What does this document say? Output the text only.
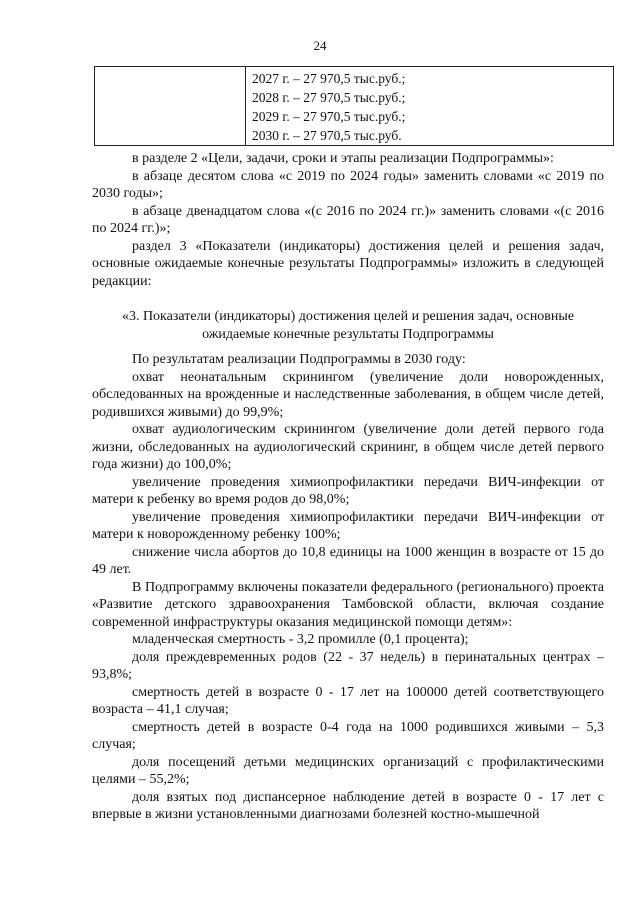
24

2027 г. – 27 970,5 тыс.руб.;
2028 г. – 27 970,5 тыс.руб.;
2029 г. – 27 970,5 тыс.руб.;
2030 г. – 27 970,5 тыс.руб.

в разделе 2 «Цели, задачи, сроки и этапы реализации Подпрограммы»:

в абзаце десятом слова «с 2019 по 2024 годы» заменить словами «с 2019 по 2030 годы»;

в абзаце двенадцатом слова «(с 2016 по 2024 гг.)» заменить словами «(с 2016 по 2024 гг.)»;

раздел 3 «Показатели (индикаторы) достижения целей и решения задач, основные ожидаемые конечные результаты Подпрограммы» изложить в следующей редакции:

«3. Показатели (индикаторы) достижения целей и решения задач, основные ожидаемые конечные результаты Подпрограммы

По результатам реализации Подпрограммы в 2030 году:

охват неонатальным скринингом (увеличение доли новорожденных, обследованных на врожденные и наследственные заболевания, в общем числе детей, родившихся живыми) до 99,9%;

охват аудиологическим скринингом (увеличение доли детей первого года жизни, обследованных на аудиологический скрининг, в общем числе детей первого года жизни) до 100,0%;

увеличение проведения химиопрофилактики передачи ВИЧ-инфекции от матери к ребенку во время родов до 98,0%;

увеличение проведения химиопрофилактики передачи ВИЧ-инфекции от матери к новорожденному ребенку 100%;

снижение числа абортов до 10,8 единицы на 1000 женщин в возрасте от 15 до 49 лет.

В Подпрограмму включены показатели федерального (регионального) проекта «Развитие детского здравоохранения Тамбовской области, включая создание современной инфраструктуры оказания медицинской помощи детям»:

младенческая смертность - 3,2 промилле (0,1 процента);

доля преждевременных родов (22 - 37 недель) в перинатальных центрах – 93,8%;

смертность детей в возрасте 0 - 17 лет на 100000 детей соответствующего возраста – 41,1 случая;

смертность детей в возрасте 0-4 года на 1000 родившихся живыми – 5,3 случая;

доля посещений детьми медицинских организаций с профилактическими целями – 55,2%;

доля взятых под диспансерное наблюдение детей в возрасте 0 - 17 лет с впервые в жизни установленными диагнозами болезней костно-мышечной
